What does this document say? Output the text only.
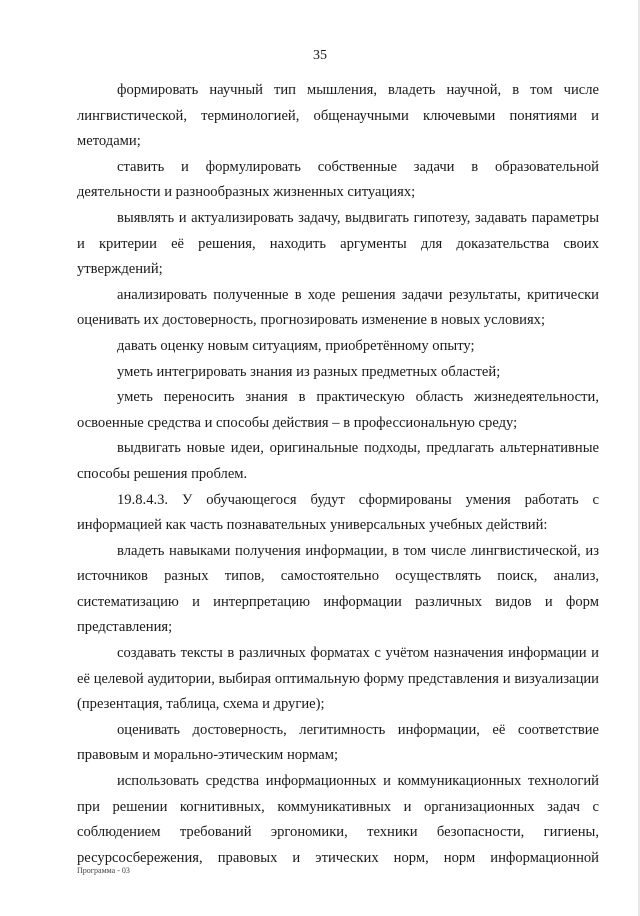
35

формировать научный тип мышления, владеть научной, в том числе лингвистической, терминологией, общенаучными ключевыми понятиями и методами;

ставить и формулировать собственные задачи в образовательной деятельности и разнообразных жизненных ситуациях;

выявлять и актуализировать задачу, выдвигать гипотезу, задавать параметры и критерии её решения, находить аргументы для доказательства своих утверждений;

анализировать полученные в ходе решения задачи результаты, критически оценивать их достоверность, прогнозировать изменение в новых условиях;

давать оценку новым ситуациям, приобретённому опыту;

уметь интегрировать знания из разных предметных областей;

уметь переносить знания в практическую область жизнедеятельности, освоенные средства и способы действия – в профессиональную среду;

выдвигать новые идеи, оригинальные подходы, предлагать альтернативные способы решения проблем.

19.8.4.3. У обучающегося будут сформированы умения работать с информацией как часть познавательных универсальных учебных действий:

владеть навыками получения информации, в том числе лингвистической, из источников разных типов, самостоятельно осуществлять поиск, анализ, систематизацию и интерпретацию информации различных видов и форм представления;

создавать тексты в различных форматах с учётом назначения информации и её целевой аудитории, выбирая оптимальную форму представления и визуализации (презентация, таблица, схема и другие);

оценивать достоверность, легитимность информации, её соответствие правовым и морально-этическим нормам;

использовать средства информационных и коммуникационных технологий при решении когнитивных, коммуникативных и организационных задач с соблюдением требований эргономики, техники безопасности, гигиены, ресурсосбережения, правовых и этических норм, норм информационной

Программа - 03
